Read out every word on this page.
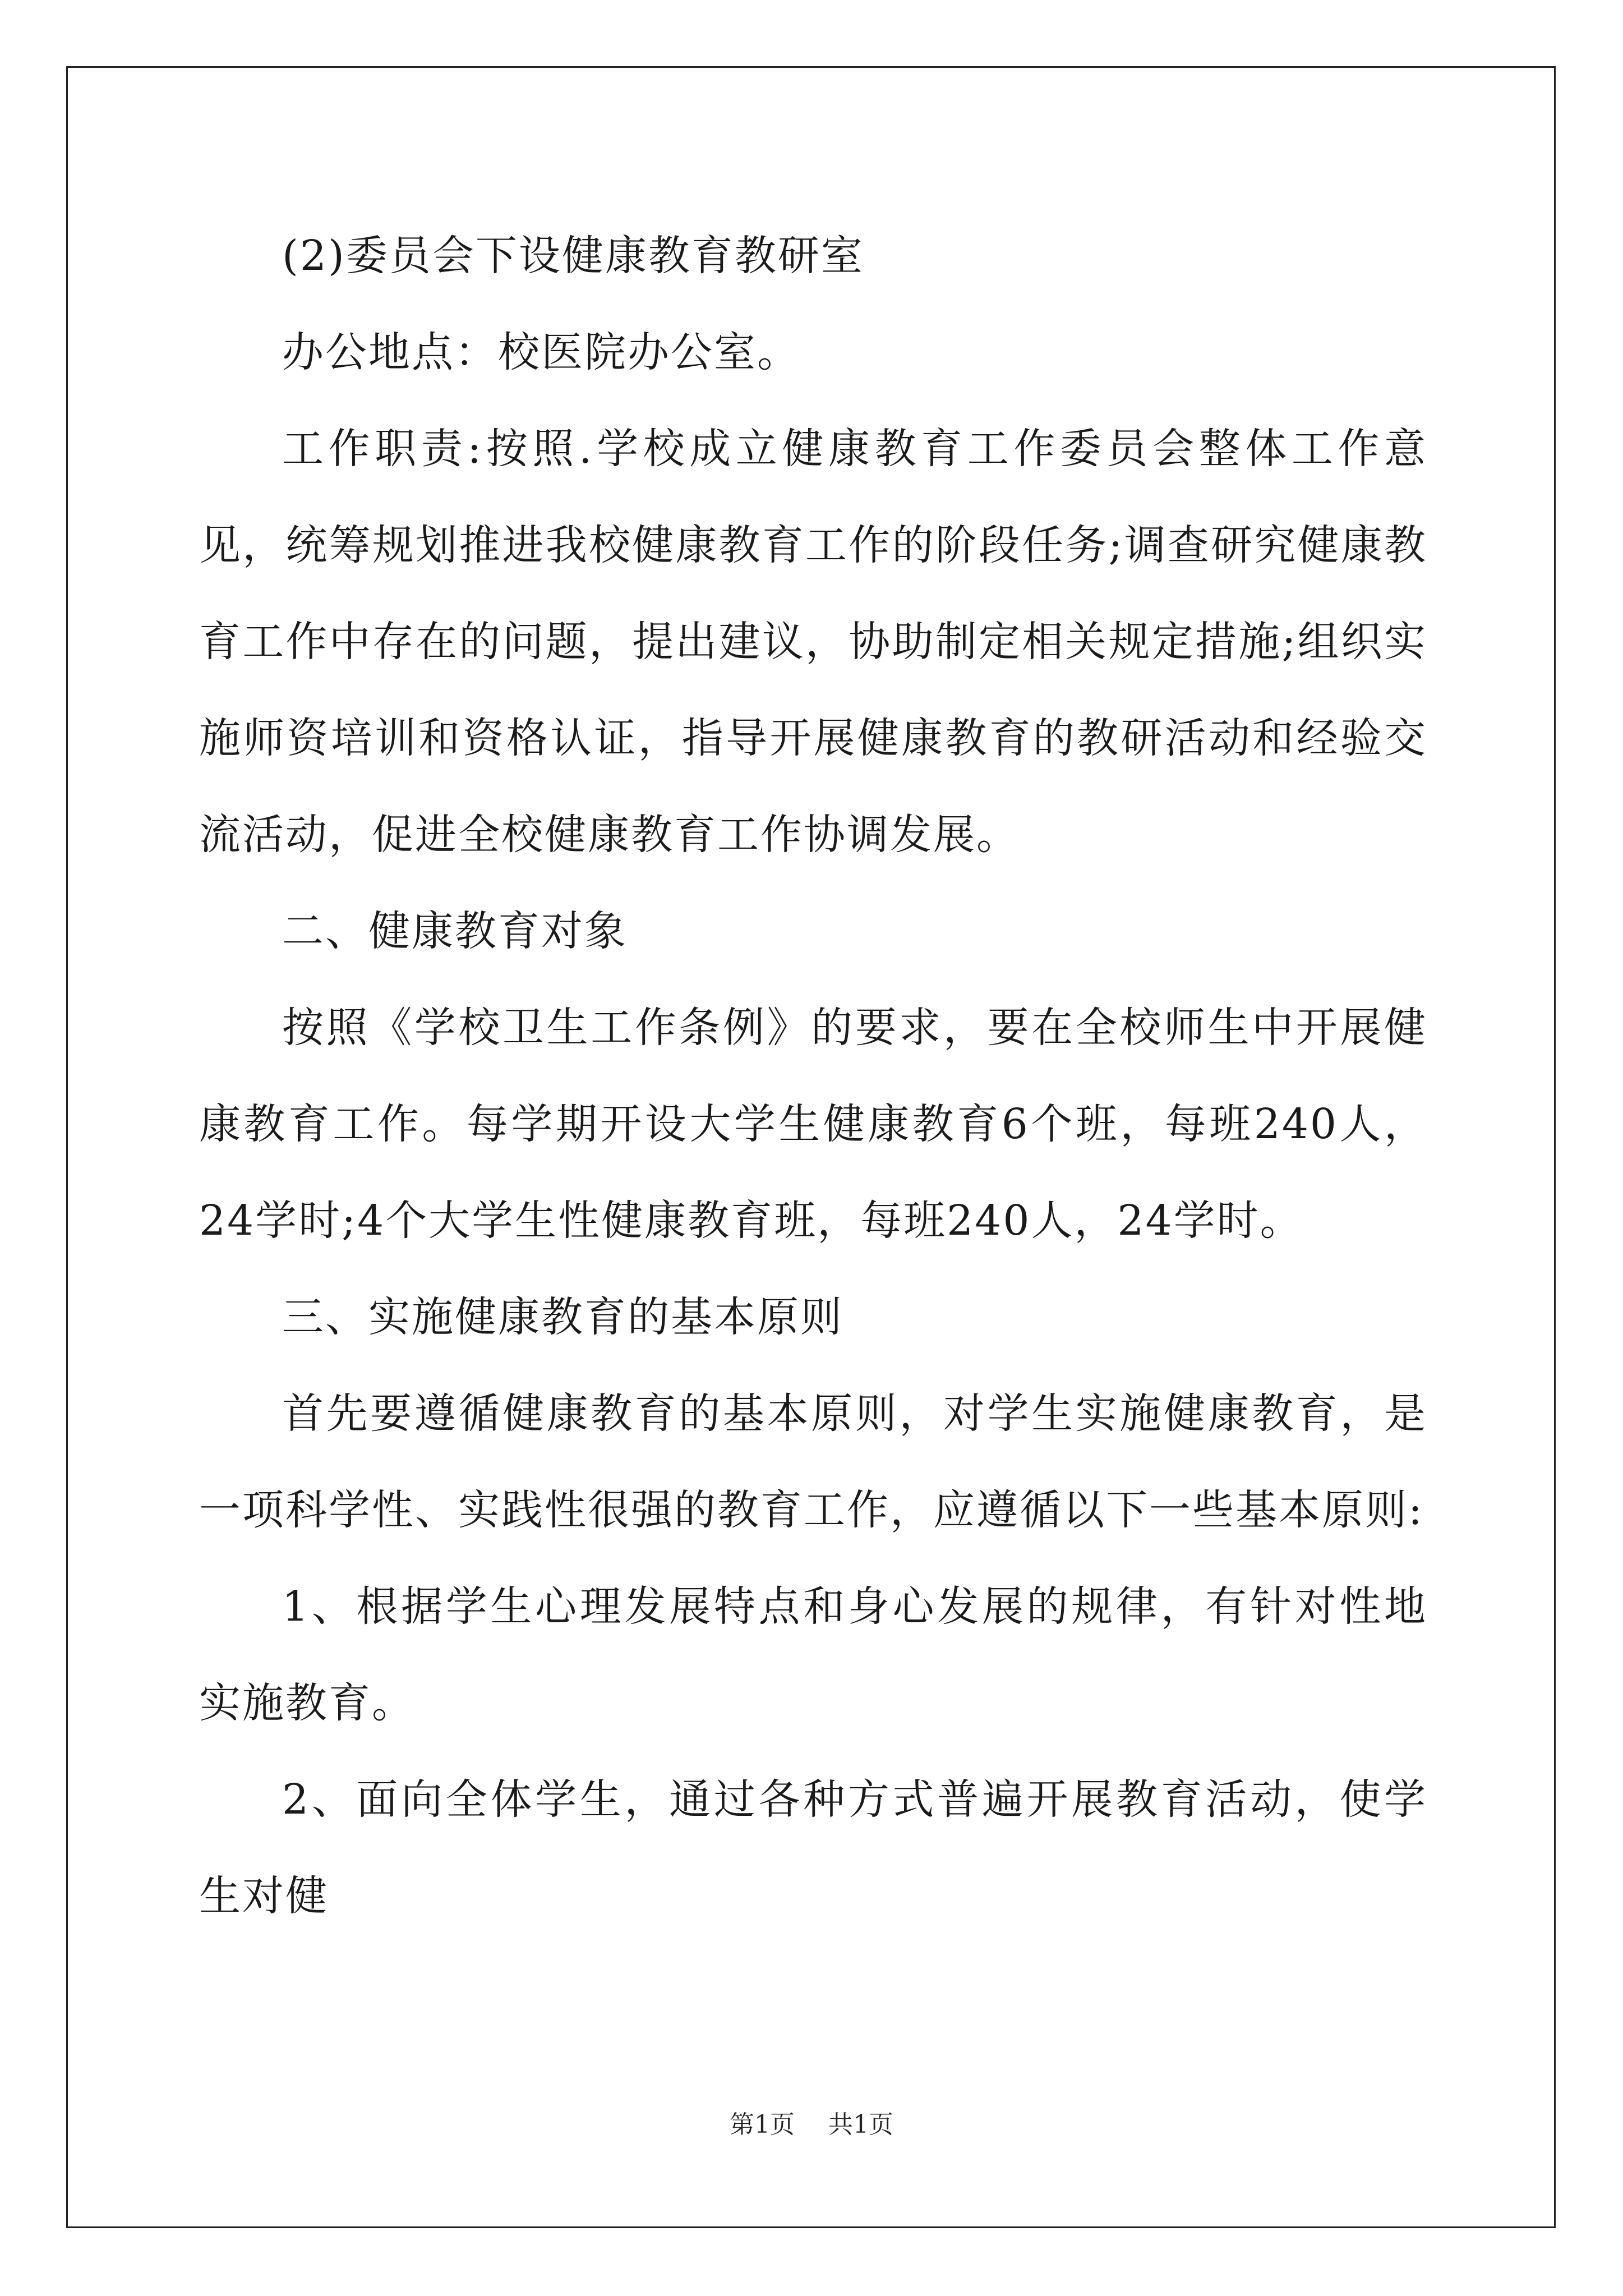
(2)委员会下设健康教育教研室

办公地点：校医院办公室。

工作职责:按照.学校成立健康教育工作委员会整体工作意见，统筹规划推进我校健康教育工作的阶段任务;调查研究健康教育工作中存在的问题，提出建议，协助制定相关规定措施;组织实施师资培训和资格认证，指导开展健康教育的教研活动和经验交流活动，促进全校健康教育工作协调发展。

二、健康教育对象

按照《学校卫生工作条例》的要求，要在全校师生中开展健康教育工作。每学期开设大学生健康教育6个班，每班240人，24学时;4个大学生性健康教育班，每班240人，24学时。

三、实施健康教育的基本原则

首先要遵循健康教育的基本原则，对学生实施健康教育，是一项科学性、实践性很强的教育工作，应遵循以下一些基本原则:

1、根据学生心理发展特点和身心发展的规律，有针对性地实施教育。

2、面向全体学生，通过各种方式普遍开展教育活动，使学生对健

第1页 共1页
